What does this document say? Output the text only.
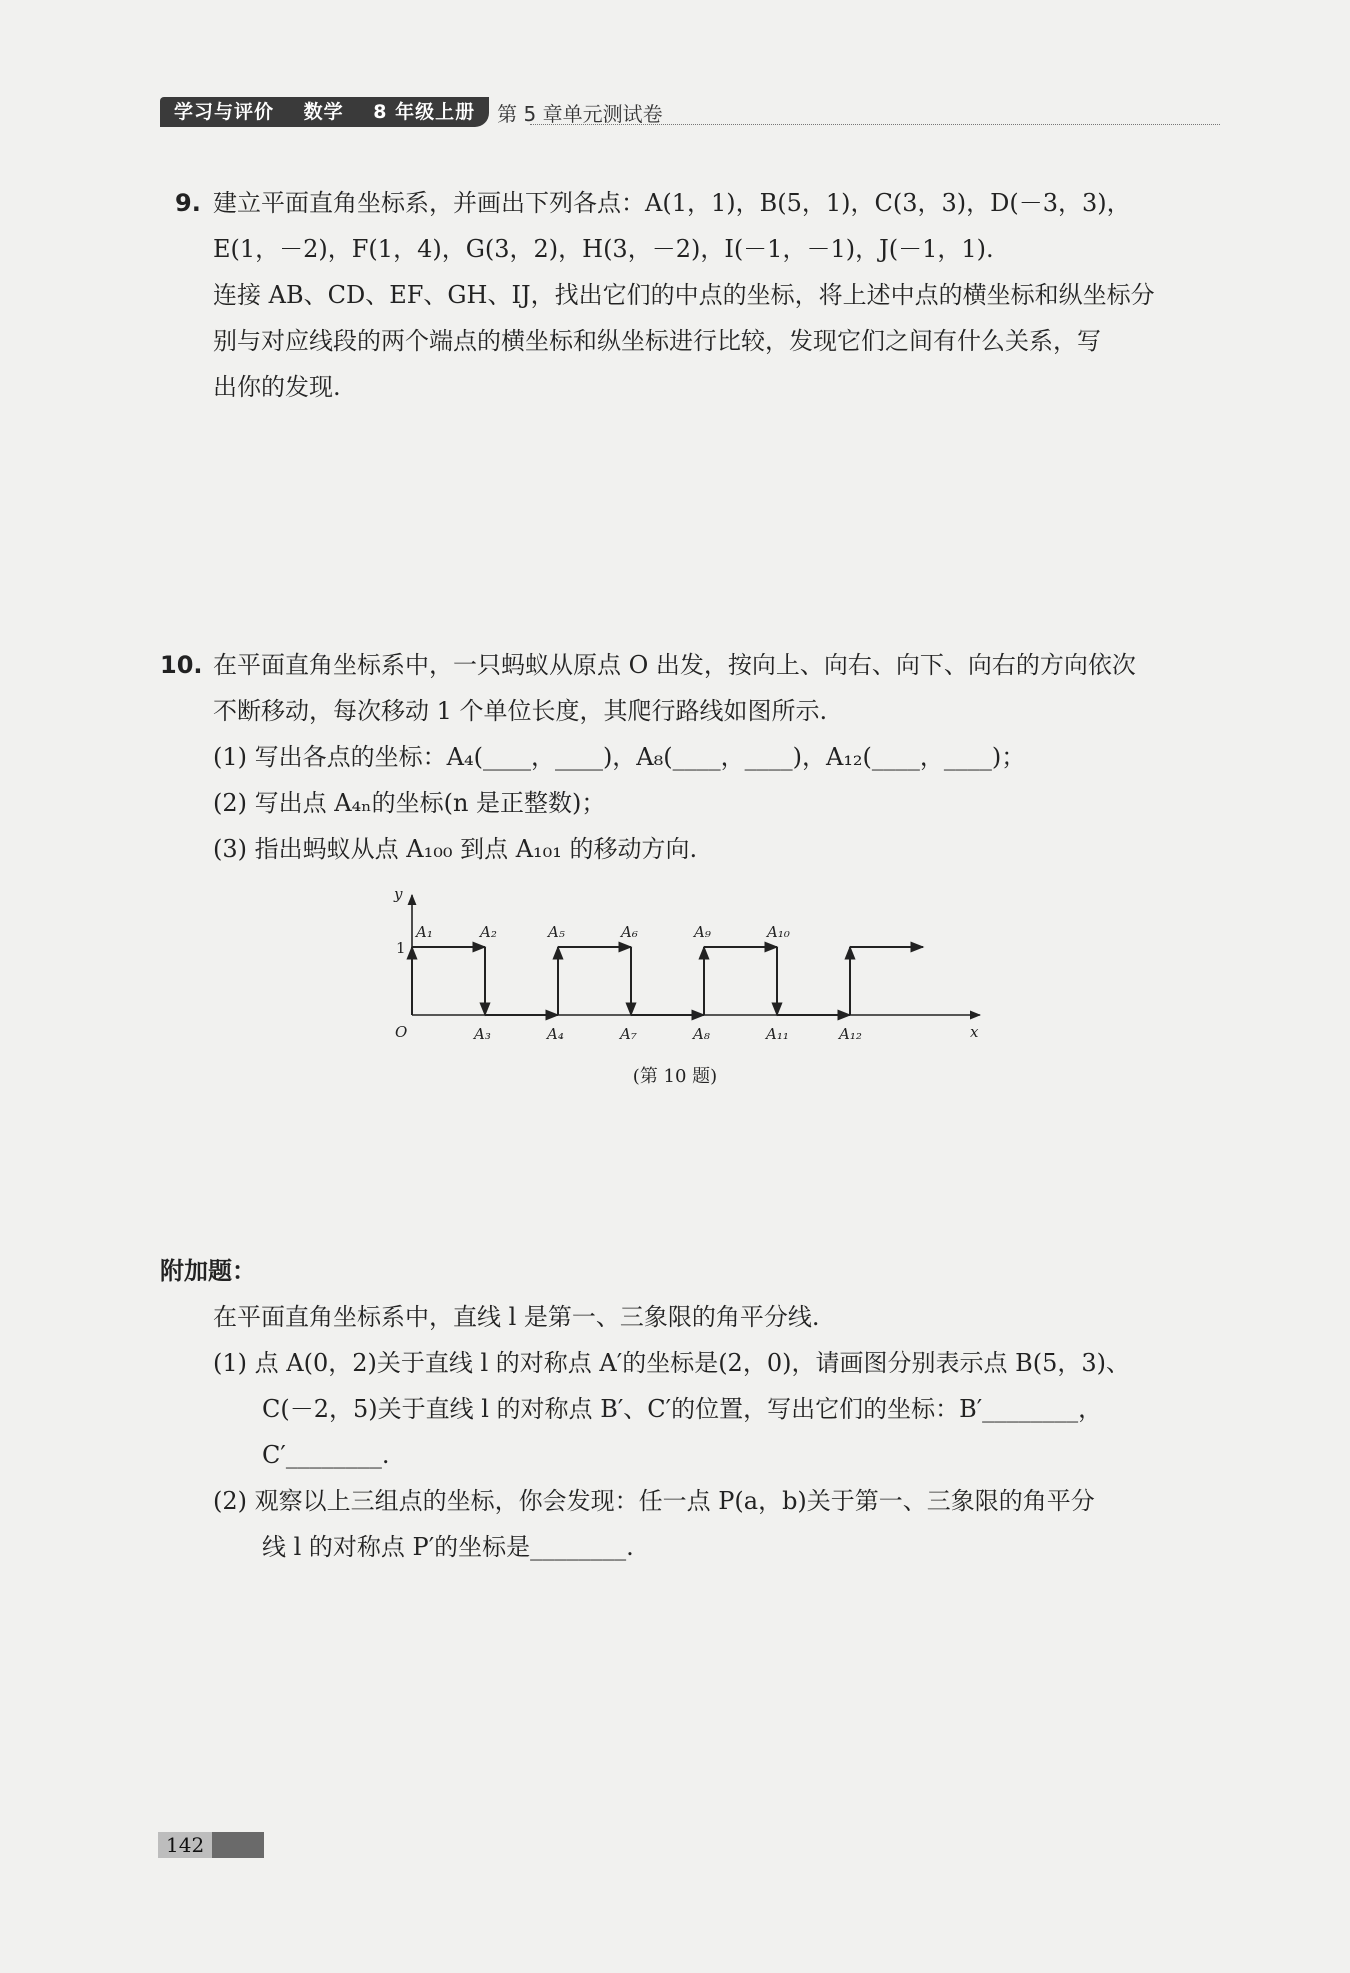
学习与评价 数学 8 年级上册	第 5 章单元测试卷
9. 建立平面直角坐标系，并画出下列各点：A(1，1)，B(5，1)，C(3，3)，D(－3，3)，
E(1，－2)，F(1，4)，G(3，2)，H(3，－2)，I(－1，－1)，J(－1，1).
连接 AB、CD、EF、GH、IJ，找出它们的中点的坐标，将上述中点的横坐标和纵坐标分
别与对应线段的两个端点的横坐标和纵坐标进行比较，发现它们之间有什么关系，写
出你的发现.
10. 在平面直角坐标系中，一只蚂蚁从原点 O 出发，按向上、向右、向下、向右的方向依次
不断移动，每次移动 1 个单位长度，其爬行路线如图所示.
(1) 写出各点的坐标：A₄(____，____)，A₈(____，____)，A₁₂(____，____)；
(2) 写出点 A₄ₙ的坐标(n 是正整数)；
(3) 指出蚂蚁从点 A₁₀₀ 到点 A₁₀₁ 的移动方向.
y
x
O
A₁	A₂	A₅	A₆	A₉	A₁₀
A₃	A₄	A₇	A₈	A₁₁	A₁₂
1
(第 10 题)
附加题：
在平面直角坐标系中，直线 l 是第一、三象限的角平分线.
(1) 点 A(0，2)关于直线 l 的对称点 A′的坐标是(2，0)，请画图分别表示点 B(5，3)、
C(－2，5)关于直线 l 的对称点 B′、C′的位置，写出它们的坐标：B′________，
C′________.
(2) 观察以上三组点的坐标，你会发现：任一点 P(a，b)关于第一、三象限的角平分
线 l 的对称点 P′的坐标是________.
142
